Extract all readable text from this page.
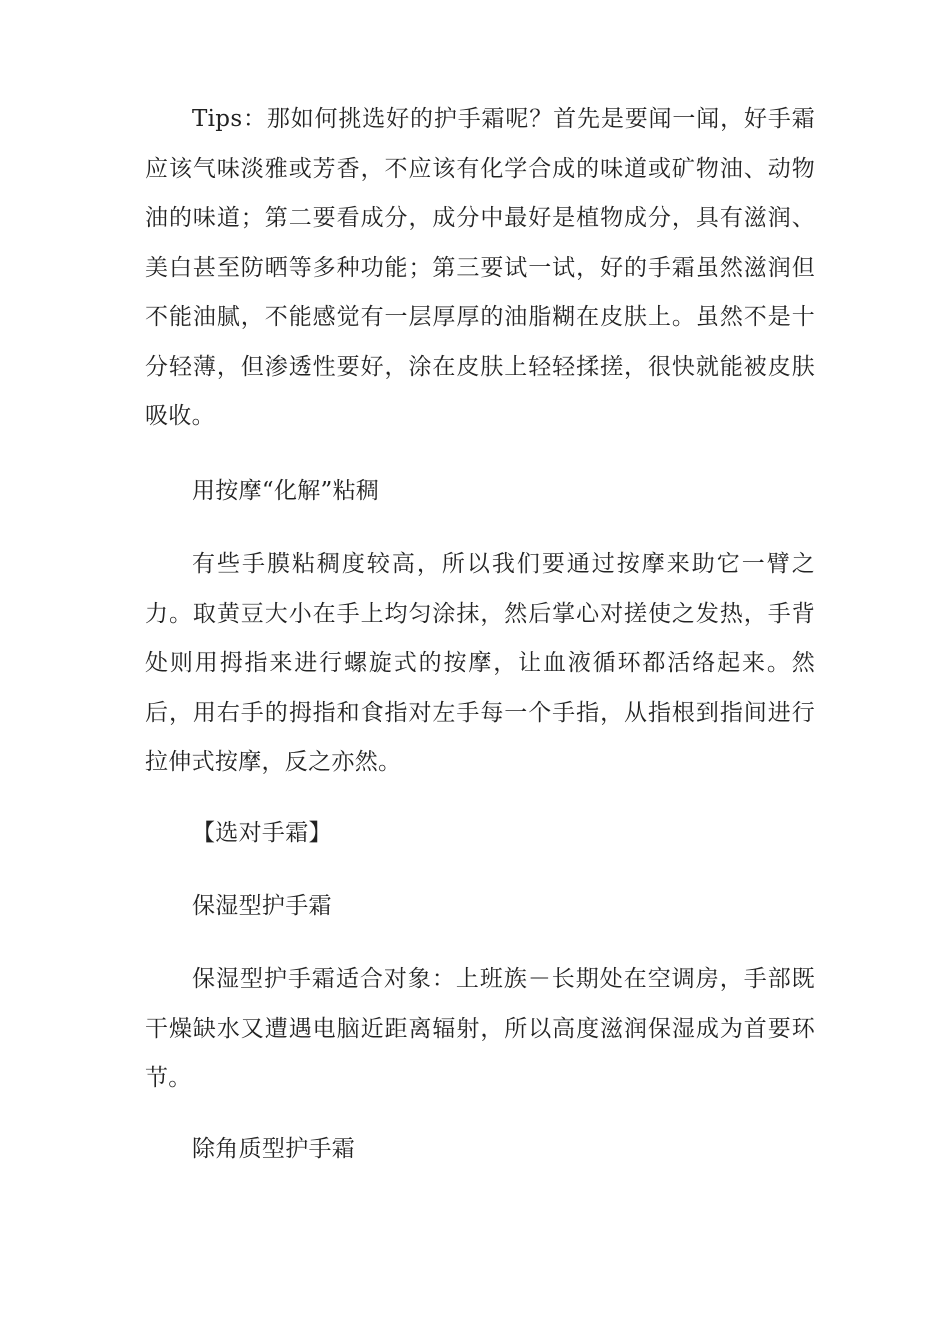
Tips：那如何挑选好的护手霜呢？首先是要闻一闻，好手霜应该气味淡雅或芳香，不应该有化学合成的味道或矿物油、动物油的味道；第二要看成分，成分中最好是植物成分，具有滋润、美白甚至防晒等多种功能；第三要试一试，好的手霜虽然滋润但不能油腻，不能感觉有一层厚厚的油脂糊在皮肤上。虽然不是十分轻薄，但渗透性要好，涂在皮肤上轻轻揉搓，很快就能被皮肤吸收。

用按摩“化解”粘稠

有些手膜粘稠度较高，所以我们要通过按摩来助它一臂之力。取黄豆大小在手上均匀涂抹，然后掌心对搓使之发热，手背处则用拇指来进行螺旋式的按摩，让血液循环都活络起来。然后，用右手的拇指和食指对左手每一个手指，从指根到指间进行拉伸式按摩，反之亦然。

【选对手霜】

保湿型护手霜

保湿型护手霜适合对象：上班族－长期处在空调房，手部既干燥缺水又遭遇电脑近距离辐射，所以高度滋润保湿成为首要环节。

除角质型护手霜
